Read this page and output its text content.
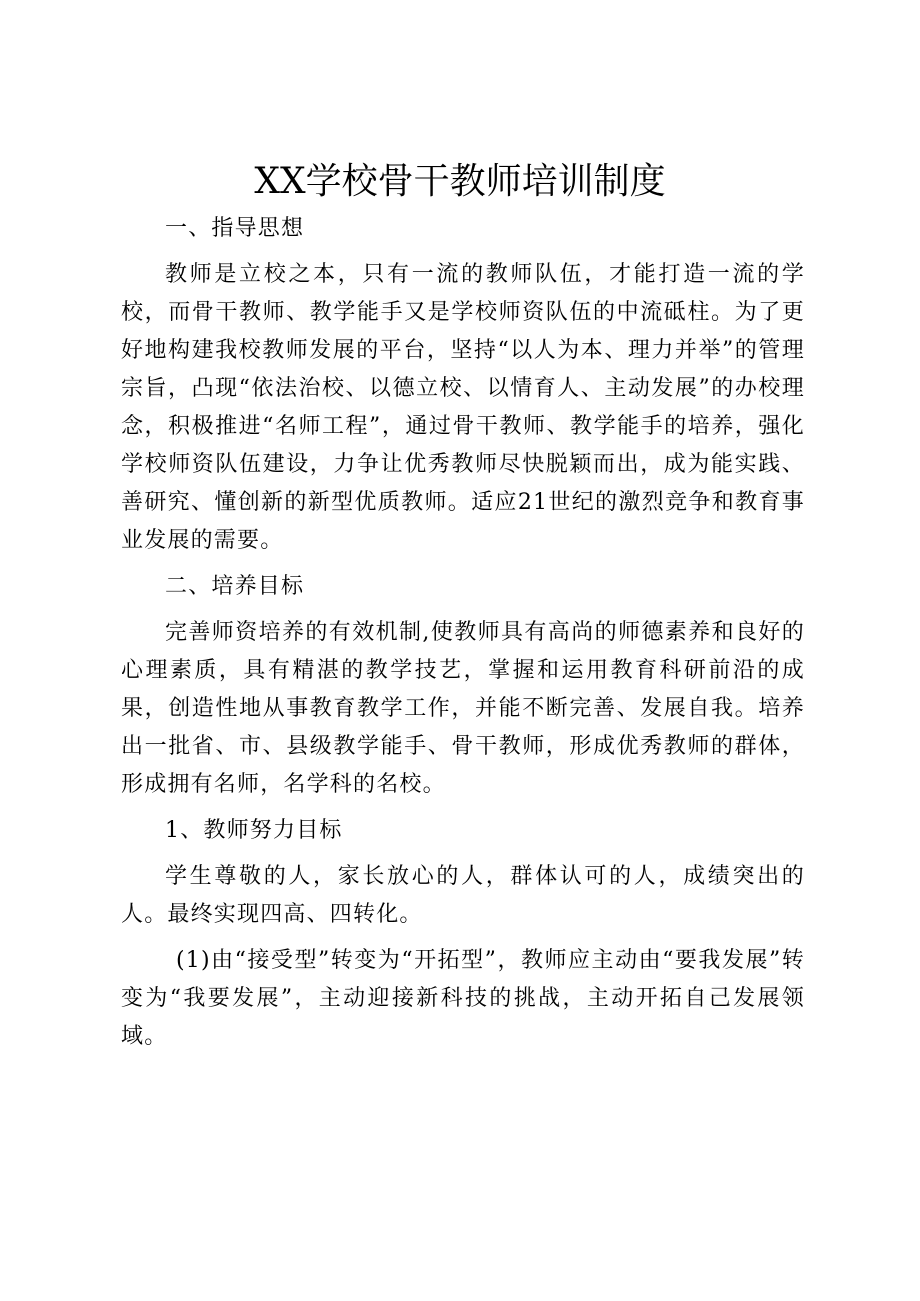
XX学校骨干教师培训制度

一、指导思想

教师是立校之本，只有一流的教师队伍，才能打造一流的学校，而骨干教师、教学能手又是学校师资队伍的中流砥柱。为了更好地构建我校教师发展的平台，坚持“以人为本、理力并举”的管理宗旨，凸现“依法治校、以德立校、以情育人、主动发展”的办校理念，积极推进“名师工程”，通过骨干教师、教学能手的培养，强化学校师资队伍建设，力争让优秀教师尽快脱颖而出，成为能实践、善研究、懂创新的新型优质教师。适应21世纪的激烈竞争和教育事业发展的需要。

二、培养目标

完善师资培养的有效机制,使教师具有高尚的师德素养和良好的心理素质，具有精湛的教学技艺，掌握和运用教育科研前沿的成果，创造性地从事教育教学工作，并能不断完善、发展自我。培养出一批省、市、县级教学能手、骨干教师，形成优秀教师的群体，形成拥有名师，名学科的名校。

1、教师努力目标

学生尊敬的人，家长放心的人，群体认可的人，成绩突出的人。最终实现四高、四转化。

(1)由“接受型”转变为“开拓型”，教师应主动由“要我发展”转变为“我要发展”，主动迎接新科技的挑战，主动开拓自己发展领域。
